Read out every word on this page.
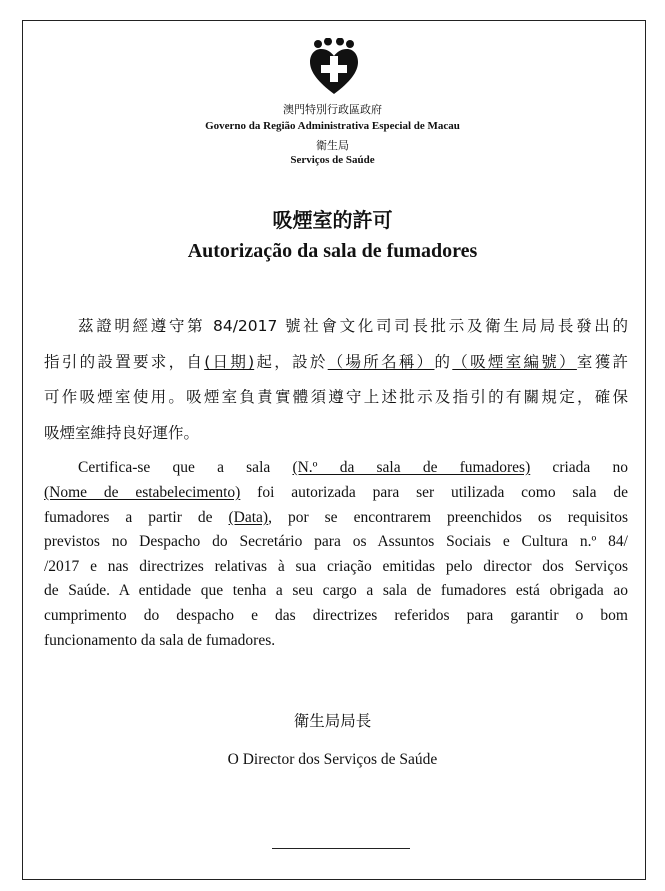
澳門特別行政區政府
Governo da Região Administrativa Especial de Macau
衛生局
Serviços de Saúde
吸煙室的許可
Autorização da sala de fumadores
茲證明經遵守第 84/2017 號社會文化司司長批示及衛生局局長發出的
指引的設置要求，自(日期)起，設於（場所名稱）的（吸煙室編號）室獲許
可作吸煙室使用。吸煙室負責實體須遵守上述批示及指引的有關規定，確保
吸煙室維持良好運作。
Certifica-se que a sala (N.º da sala de fumadores) criada no
(Nome de estabelecimento) foi autorizada para ser utilizada como sala de
fumadores a partir de (Data), por se encontrarem preenchidos os requisitos
previstos no Despacho do Secretário para os Assuntos Sociais e Cultura n.º 84/
/2017 e nas directrizes relativas à sua criação emitidas pelo director dos Serviços
de Saúde. A entidade que tenha a seu cargo a sala de fumadores está obrigada ao
cumprimento do despacho e das directrizes referidos para garantir o bom
funcionamento da sala de fumadores.
衛生局局長
O Director dos Serviços de Saúde
